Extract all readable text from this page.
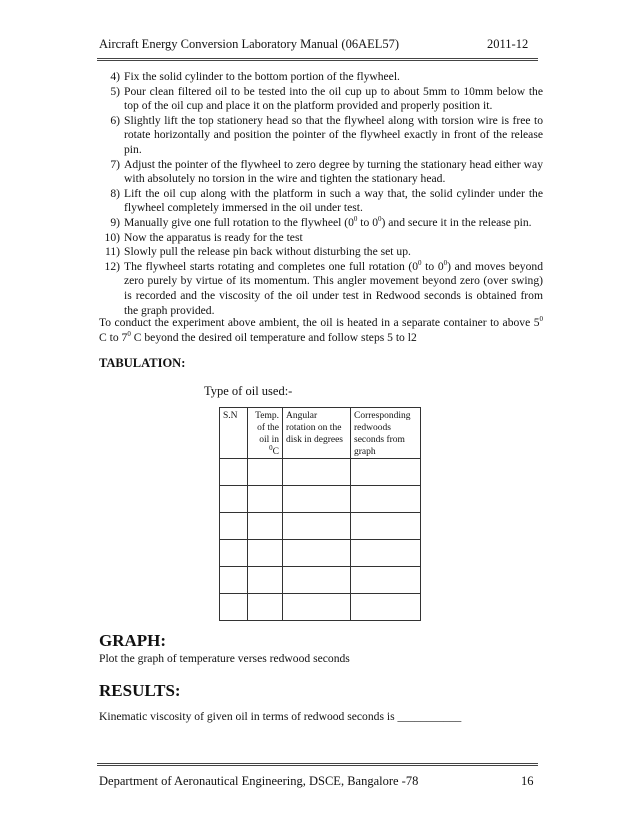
Aircraft Energy Conversion Laboratory Manual (06AEL57)	2011-12
4) Fix the solid cylinder to the bottom portion of the flywheel.
5) Pour clean filtered oil to be tested into the oil cup up to about 5mm to 10mm below the top of the oil cup and place it on the platform provided and properly position it.
6) Slightly lift the top stationery head so that the flywheel along with torsion wire is free to rotate horizontally and position the pointer of the flywheel exactly in front of the release pin.
7) Adjust the pointer of the flywheel to zero degree by turning the stationary head either way with absolutely no torsion in the wire and tighten the stationary head.
8) Lift the oil cup along with the platform in such a way that, the solid cylinder under the flywheel completely immersed in the oil under test.
9) Manually give one full rotation to the flywheel ($0^0$ to $0^0$) and secure it in the release pin.
10) Now the apparatus is ready for the test
11) Slowly pull the release pin back without disturbing the set up.
12) The flywheel starts rotating and completes one full rotation ($0^0$ to $0^0$) and moves beyond zero purely by virtue of its momentum. This angler movement beyond zero (over swing) is recorded and the viscosity of the oil under test in Redwood seconds is obtained from the graph provided.
To conduct the experiment above ambient, the oil is heated in a separate container to above $5^0$ C to $7^0$ C beyond the desired oil temperature and follow steps 5 to l2
TABULATION:
Type of oil used:-
S.N	Temp. of the oil in $^0$C	Angular rotation on the disk in degrees	Corresponding redwoods seconds from graph

GRAPH:
Plot the graph of temperature verses redwood seconds
RESULTS:
Kinematic viscosity of given oil in terms of redwood seconds is ___________
Department of Aeronautical Engineering, DSCE, Bangalore -78	16
